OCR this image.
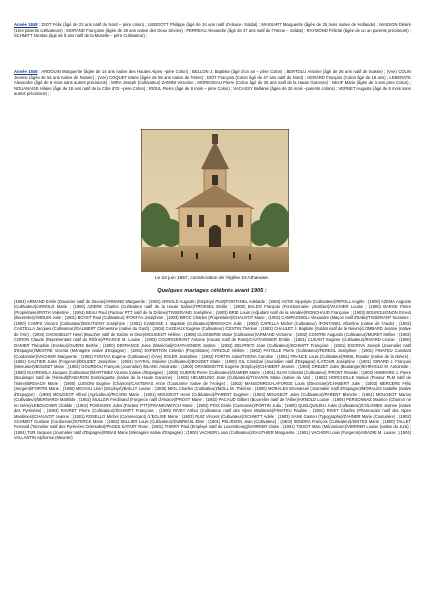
Année 1848 : DIOT Félix (âgé de 23 ans natif du Nord – père colon) ; LIEBGOTT Philippe (âgé de 34 ans natif d'Alsace- Soldat) ; MASSART Marguerite (âgée de 25 mois native de Hollande) ; MASSON Désiré (1ère parents cultivateurs) ; MORAND Françoise (âgée de 25 ans native des Deux Sèvres) ; PERREAU Alexandre (âgé de 27 ans natif de l'Yonne – Soldat) ; RAYMOND Félicité (âgée de un an parents préciseurs) ; SCHMITT Nicolas (âgé de 8 ans natif de la Moselle – père Cultivateur) ;
Année 1849 : ARDOUIN Marguerite (âgée de 14 ans native des Hautes Alpes –père Colon) ; BELLON J. Baptiste (âgé d'un an – père Colon) ; BERTOLU Antoine (âgé de 26 ans natif de Suisse) ; (Vve) COLIN Jeanne (âgée de 54 ans native de Nuisée) ; (Vve) COQUET Marie (âgée de 55 ans native de l'Isère) ; DIOT François (Colon âgé de 47 ans natif du Nord) ; GERARD François (Colon âgé de 19 ans) ; LEBERATE Alexandre (âgé de 8 mois sans autres précisions) ; MIRA Joseph (Cultivateur) ZAMINI Victorine ; MOREGEAU Pierre (Colon âgé de 25 ans natif de la Haute Garonne) ; NEUF Marie (âgée de 3 ans père Colon) ; NOUANAISE Hilaire (âgé de 18 ans natif de la Côte d'Or –père Colon) ; RIOUL Pierre (âgé de 8 mois – père Colon) ; VACASSY Bellanie (âgée de 26 mois –parents colons) ; VERNET Auguste (âgé de 8 mois sans autres précisions) ;
Le 22 juin 1857, consécration de l'église St-Athanase.
Quelques mariages célébrés avant 1905 :
(1904) ARMAND Emile (Douanier natif de Savoie)/ARMAND Marguerite ; (1902) ARNOLD Augustin (Employé PLM)/FONTANEL Adelaïde ; (1904) ASTIE Hippolyte (Cultivateur)/RIPOLL Angèle ; (1900) AZEMA Auguste (Cultivateur)/ARNOLD Marie ; (1900) AZIERE Charles (Cultivateur natif de la Haute Saône)/TROSSEL Emilie ; (1900) BALDO François (Fonctionnaire- plombier)/VACHIER Louise ; (1900) BARGE Pierre (Propriétaire)/ROTH Valentine ; (1904) BEAU Paul (Facteur PTT natif de la Drôme)/TISSERAND Joséphine ; (1903) BRIE Louis (Adjudant natif de la Vendée)/RONCHAUD Françoise ; (1903) BOURGUIGNON Ernest (Bourrelier)/ARDUIN Julie ; (1901) BOYET Paul (Cultivateur) /FONTÂA Joséphine ; (1903) BROC Charles (Propriétaire)/CHAUVOT Marie ; (1902) CAMPAGNIOLI Alexandre (Maçon natif d'Italie)/TISSERANT Suzanne ; (1900) CAMPS Vincent (Cultivateur)/BOUTIGNY Joséphine ; (1901) CANESSE J. Baptiste (Cultivateur)/BRIESACH Julie ; (1902) CAPELLA Michel (Cultivateur) /FONTANEL Albertine (native de l'Aude) ; (1902) CASTELLA Jacques (Cultivateur)/GALIBERT Clémentine (native du Gard) ; (1904) CAZEAUX Eugène (Cultivateur) /CESTIN Thérèse ; (1902) CHAULET J. Baptiste (Soldat natif de la Nièvre)/LOMBARD Jeanne (native de l'Ain) ; (1904) CHOISSELET Henri (Boucher natif de Saône et Oise)/MOUGEOT Hélène ; (1906) CLOSSERIE Marie (Cultivateur)/ARMAND Victorine ; (1902) CONTRE Augustin (Cultivateur)/MURET Méline ; (1902) CORON Claude (Représentant natif du Rhône)/FRANCE M. Louise ; (1903) COURSSERANT Antoine (Aucasi natif de Paris)/CHATAIGNIER Emilie ; (1901) CUSANT Eugène (Cultivateur)/RIVARD Léonie ; (1900) DANIER Théophile (Docteur)/GUERS Berthe ; (1900) DEFRANCE Jules (Maréchal)/CHATAIGNIER Justine ; (1903) DELPRETI Jean (Cultivateur)/SCHMITT Françoise ; (1901) ESCRIVA Joseph (Journalier natif d'Espagne)/MESTRE Vicenta (Ménagère native d'Espagne) ; (1901) EXPERTON Célestin (Propriétaire) /ARNOLD Hélène ; (1902) FAYOLLE Pierre (Cultivateur)/FEREOL Joséphine ; (1901) FINATEU Constant (Cordonnier)/VACHIER Marguerite ; (1902) FONTAA Eugène (Cultivateur) /(Vve) SOLER Joséphine ; (1902) FORTIN Jules/TOGNA Caroline ; (1901) FRANCE Louis (Cultivateur)/MINIL Rosalie (native de la Nièvre) ; (1902) GAUTIER Jules (Forgeron)/BOUDET Joséphine ; (1904) GAYRAL Maxime (Cultivateur)/BOUDET Marie ; (1900) GIL Cristobal (Journalier natif d'Espagne) /LATOUR Joséphine ; (1901) GIRARD J. François (Menuisier)/BOUDET Marie ; (1902) GOURDOU François (Journalier) /BLANC Antoinette ; (1900) GRANDMOTTE Eugène (Employé)/CHABERT Jeanne ; (1903) GREZET Jules (Boulanger)/EHRHOLD M. Antoinette ; (1900) GUARDIOLA Jacques (Cultivateur)/MARTINEZ Vicenta (native d'Espagne) ; (1900) GUERIN Pierre (Cultivateur)/DAMIER Marie ; (1901) JUAN Célestin (Cultivateur) /PROST Rosalie ; (1902) HEBRARD J. Pierre (Boulanger natif de l'Hérault)/FABARON Dominiquette (native de la Haute Garonne) ; (1902) HELMELING Jean (Cultivateur)/THAUVIN Marie (native du Var) ; (1902) HORCHOLLE Marius (Poseur PLM natif de l'Isère)/BRISACH Marie ; (1900) LUISONI Eugène (Charron)/CASTERAS Anne (Couturière native de l'Ariège) ; (1902) MANSONROU-LAFORGE Louis (Électricien)/CHABERT Julie ; (1903) MERCERE Félix (Sergent)/FORTIN Marie ; (1900) MICHAU Léon (Employé)/BAILLY Louise ; (1900) MIOL Charles (Cultivateur)/MOLL M. Thérèse ; (1900) MORALES Emmanuel (Journalier natif d'Espagne)/MORALES Isabelle (native d'Espagne) ; (1900) MOUGEOT Alfred (Agriculteur)/PICARD Marie ; (1901) MOUGEOT Henri (Cultivateur)/PARENT Eugénie ; (1904) MOUGEOT Jules (Cultivateur)/PARENT Blanche ; (1901) MOUGEOT Marius (Cultivateur)/BERNARDI Mathilde ; (1902) MULLER Ferdinand (Forgeron natif d'Alsace)/PROST Marie ; (1902) PACAUD Gilbert (Bourrelier natif de l'Allier)/ARNOLD Louise ; (1904) PERSONNAZ Maurice (Charron né en Isère)/LEBOUCHER Clotilde ; (1902) POISSONS Jules (Facteur PTT)/FRANKOWITCH Marie ; (1903) POIX Emile (Carrossier)/FORTIN Julia ; (1900) QUELQUEJEU Jules (Cultivateur)/COLOMBS Jeanne (native des Pyrénées) ; (1903) RAVRET Pierre (Cultivateur)/SCHMITT Françoise ; (1900) RIVET Arthur (Cultivateur natif des Alpes Maritimes)/FINATEU Pauline ; (1901) RIVET Charles (Pharmacien natif des Alpes Maritimes)/CHAUVOT Jeanne ; (1901) ROSELLO Michel (Commerçant) /L'EGLISE Marie ; (1903) RUIZ Vincent (Cultivateur)/SCHMITT Adèle ; (1903) SANS Gaston (Typographe)/ZAHNER Marie (Couturière) ; (1902) SCHMIDT Gustave (Cordonnier)/STERCK Marie ; (1903) SELLIER Louis (Cultivateur)/DUBREUIL Elise ; (1901) PELISSON Jean (Cultivateur) ; (1903) SENDRA François (Cultivateur)/SINTES Marie ; (1900) TALLET Fernand (Tonnelier natif des Pyrénées Orientales)/PAGES KATART Rose ; (1901) THIERY Paul (Employé natif du Luxembourg)/SARRIER Claire ; (1901) TISSOT Marc (Mécanicien)/VERRIER Louise (native du Jura) ; (1904) TUR Jacques (Journalier natif d'Espagne)/RIBAS Marie (Ménagère native d'Espagne) ; (1900) VACHIER Louis (Cultivateur)/GAUTHIER Marguerite ; (1901) VACHIER Louis (Forgeron)/ABADIE M. Louise ; (1904) VALLANTIN Alphonse (Meunier)
